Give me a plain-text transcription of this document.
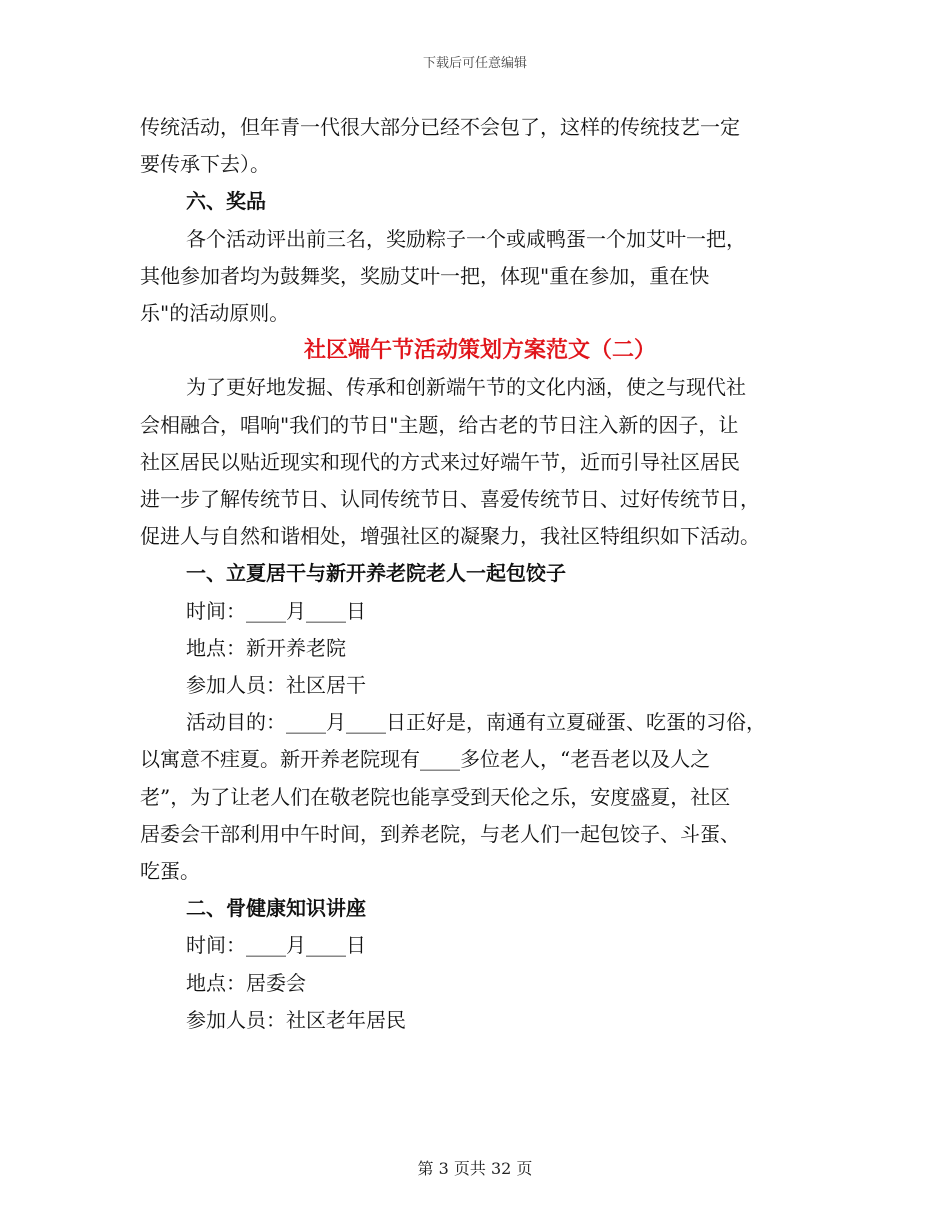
下载后可任意编辑

传统活动，但年青一代很大部分已经不会包了，这样的传统技艺一定
要传承下去）。

六、奖品

各个活动评出前三名，奖励粽子一个或咸鸭蛋一个加艾叶一把，
其他参加者均为鼓舞奖，奖励艾叶一把，体现"重在参加，重在快
乐"的活动原则。

社区端午节活动策划方案范文（二）

为了更好地发掘、传承和创新端午节的文化内涵，使之与现代社
会相融合，唱响"我们的节日"主题，给古老的节日注入新的因子，让
社区居民以贴近现实和现代的方式来过好端午节，近而引导社区居民
进一步了解传统节日、认同传统节日、喜爱传统节日、过好传统节日，
促进人与自然和谐相处，增强社区的凝聚力，我社区特组织如下活动。

一、立夏居干与新开养老院老人一起包饺子

时间：____月____日

地点：新开养老院

参加人员：社区居干

活动目的：____月____日正好是，南通有立夏碰蛋、吃蛋的习俗，
以寓意不疰夏。新开养老院现有____多位老人，“老吾老以及人之
老”，为了让老人们在敬老院也能享受到天伦之乐，安度盛夏，社区
居委会干部利用中午时间，到养老院，与老人们一起包饺子、斗蛋、
吃蛋。

二、骨健康知识讲座

时间：____月____日

地点：居委会

参加人员：社区老年居民

第 3 页共 32 页
